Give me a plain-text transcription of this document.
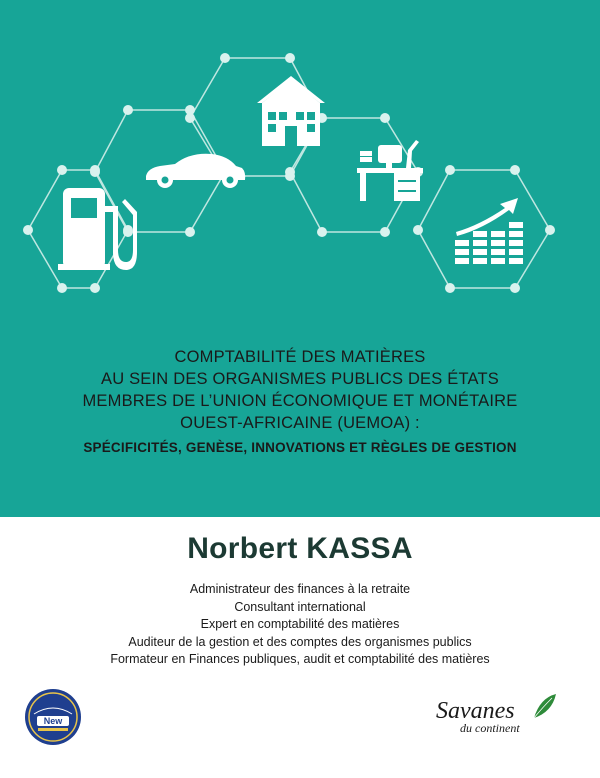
COMPTABILITÉ DES MATIÈRES
AU SEIN DES ORGANISMES PUBLICS DES ÉTATS
MEMBRES DE L’UNION ÉCONOMIQUE ET MONÉTAIRE
OUEST-AFRICAINE (UEMOA) :
SPÉCIFICITÉS, GENÈSE, INNOVATIONS ET RÈGLES DE GESTION
Norbert KASSA
Administrateur des finances à la retraite
Consultant international
Expert en comptabilité des matières
Auditeur de la gestion et des comptes des organismes publics
Formateur en Finances publiques, audit et comptabilité des matières
New	Savanes
du continent
